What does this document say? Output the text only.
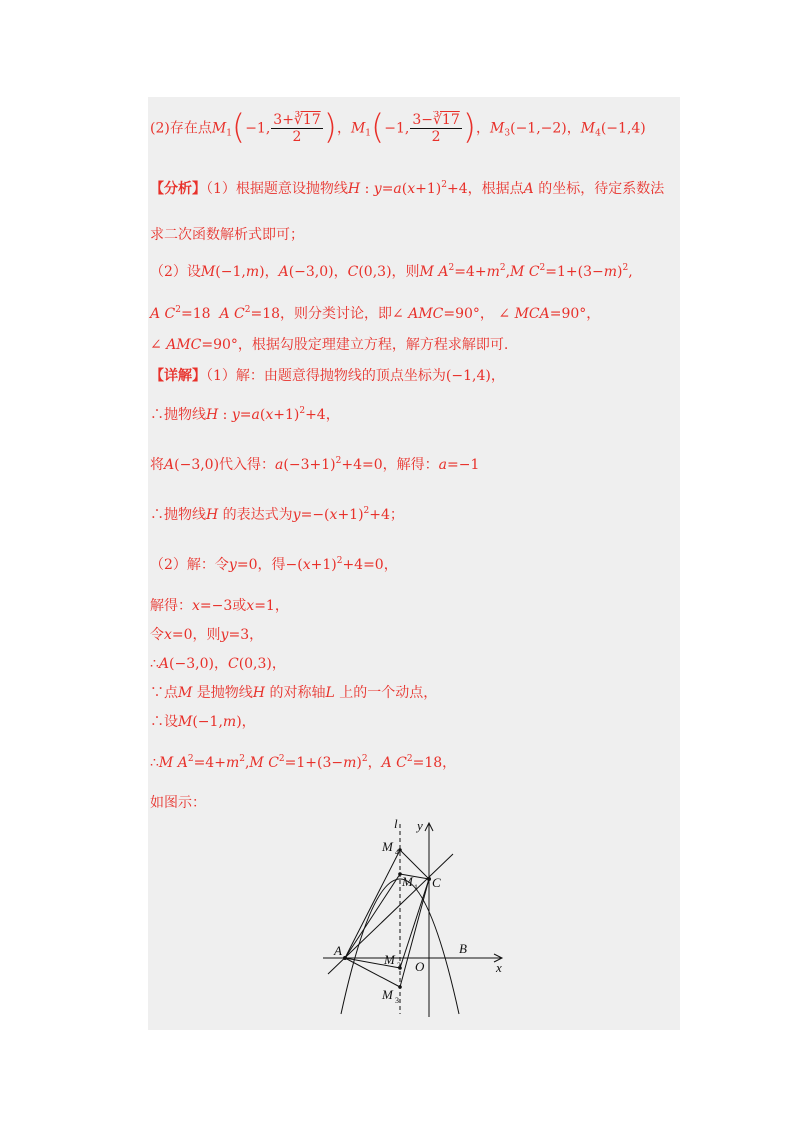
(2)存在点$M_1(-1$, $\frac{3+∛17}{2}$ )，$M_1(-1$, $\frac{3-∛17}{2}$ )，$M_3(-1,-2)$，$M_4(-1,4)$
【分析】（1）根据题意设抛物线H : $y=a(x+1)^2+4$，根据点A 的坐标，待定系数法
求二次函数解析式即可；
（2）设M(−1,m)，A(−3,0)，C(0,3)，则M $A^2=4+m^2,M$ $C^2=1+(3-m)^2$,
A $C^2=18$  A $C^2=18$，则分类讨论，即∠ AMC=90°， ∠ MCA=90°，
∠ AMC=90°，根据勾股定理建立方程，解方程求解即可.
【详解】（1）解：由题意得抛物线的顶点坐标为(−1,4)，
∴抛物线H : $y=a(x+1)^2+4$，
将A(−3,0)代入得：$a(-3+1)^2+4=0$，解得：a=−1
∴抛物线H 的表达式为$y=-(x+1)^2+4$；
（2）解：令y=0，得$-(x+1)^2+4=0$，
解得：x=−3或x=1，
令x=0，则y=3，
∴A(−3,0)，C(0,3)，
∵点M 是抛物线H 的对称轴L 上的一个动点，
∴设M(−1,m)，
∴M $A^2=4+m^2,M$ $C^2=1+(3-m)^2$，A $C^2=18$，
如图示：
l y
x
A	B
C
O
M 4
M 1
M 2
M 3
